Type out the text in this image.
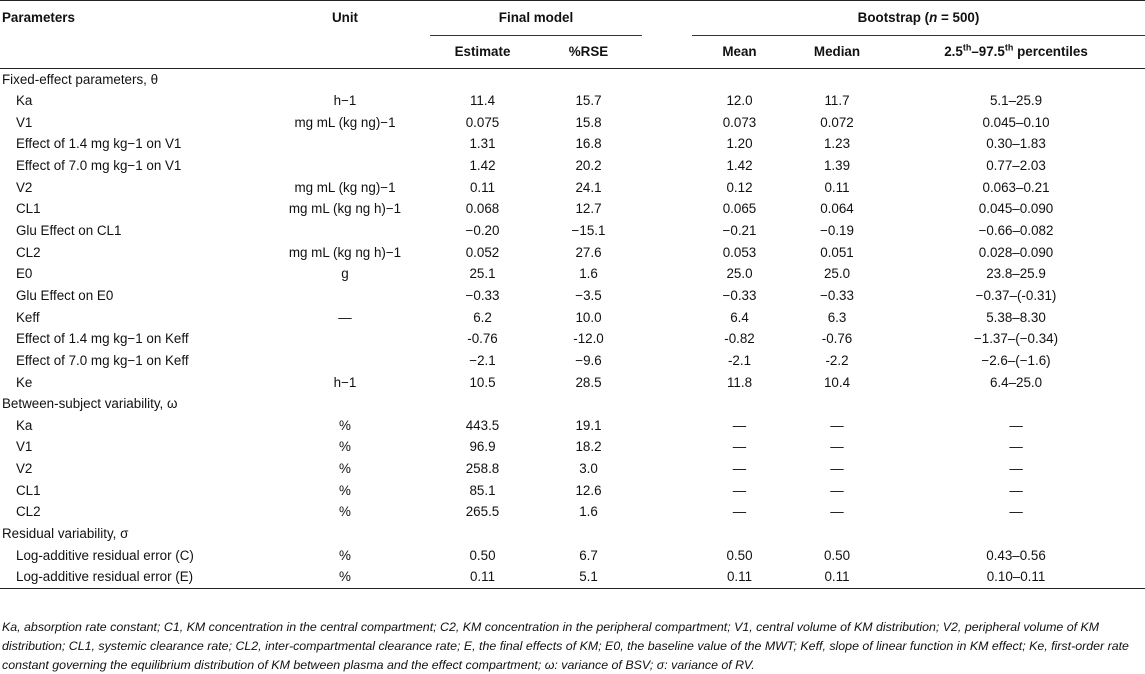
Parameters	Unit	Final model			Bootstrap (n = 500)		
		Estimate	%RSE		Mean	Median	2.5th–97.5th percentiles
Fixed-effect parameters, θ							
Ka	h−1	11.4	15.7		12.0	11.7	5.1–25.9
V1	mg mL (kg ng)−1	0.075	15.8		0.073	0.072	0.045–0.10
Effect of 1.4 mg kg−1 on V1		1.31	16.8		1.20	1.23	0.30–1.83
Effect of 7.0 mg kg−1 on V1		1.42	20.2		1.42	1.39	0.77–2.03
V2	mg mL (kg ng)−1	0.11	24.1		0.12	0.11	0.063–0.21
CL1	mg mL (kg ng h)−1	0.068	12.7		0.065	0.064	0.045–0.090
Glu Effect on CL1		−0.20	−15.1		−0.21	−0.19	−0.66–0.082
CL2	mg mL (kg ng h)−1	0.052	27.6		0.053	0.051	0.028–0.090
E0	g	25.1	1.6		25.0	25.0	23.8–25.9
Glu Effect on E0		−0.33	−3.5		−0.33	−0.33	−0.37–(-0.31)
Keff	—	6.2	10.0		6.4	6.3	5.38–8.30
Effect of 1.4 mg kg−1 on Keff		-0.76	-12.0		-0.82	-0.76	−1.37–(−0.34)
Effect of 7.0 mg kg−1 on Keff		−2.1	−9.6		-2.1	-2.2	−2.6–(−1.6)
Ke	h−1	10.5	28.5		11.8	10.4	6.4–25.0
Between-subject variability, ω							
Ka	%	443.5	19.1		—	—	—
V1	%	96.9	18.2		—	—	—
V2	%	258.8	3.0		—	—	—
CL1	%	85.1	12.6		—	—	—
CL2	%	265.5	1.6		—	—	—
Residual variability, σ							
Log-additive residual error (C)	%	0.50	6.7		0.50	0.50	0.43–0.56
Log-additive residual error (E)	%	0.11	5.1		0.11	0.11	0.10–0.11
Ka, absorption rate constant; C1, KM concentration in the central compartment; C2, KM concentration in the peripheral compartment; V1, central volume of KM distribution; V2, peripheral volume of KM distribution; CL1, systemic clearance rate; CL2, inter-compartmental clearance rate; E, the final effects of KM; E0, the baseline value of the MWT; Keff, slope of linear function in KM effect; Ke, first-order rate constant governing the equilibrium distribution of KM between plasma and the effect compartment; ω: variance of BSV; σ: variance of RV.
